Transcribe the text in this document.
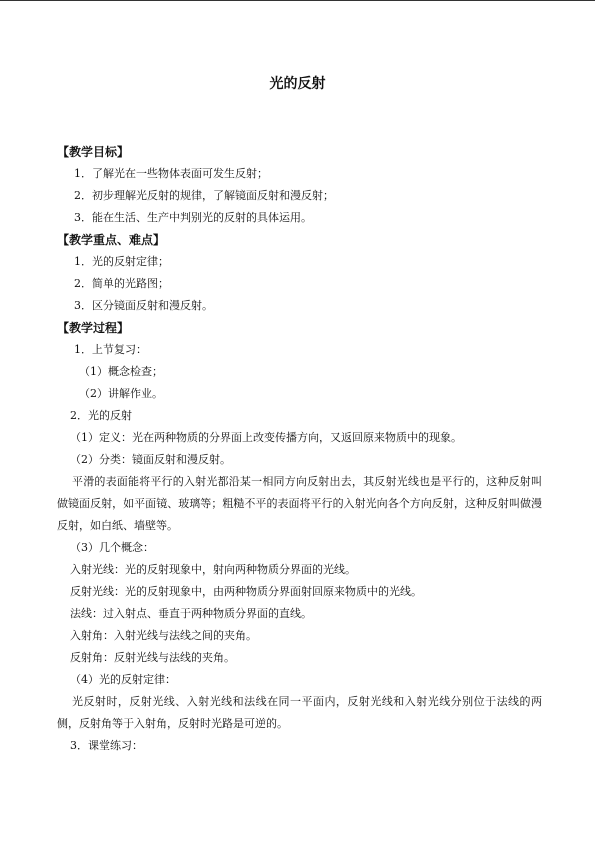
光的反射
【教学目标】
1．了解光在一些物体表面可发生反射；
2．初步理解光反射的规律，了解镜面反射和漫反射；
3．能在生活、生产中判别光的反射的具体运用。
【教学重点、难点】
1．光的反射定律；
2．简单的光路图；
3．区分镜面反射和漫反射。
【教学过程】
1．上节复习：
（1）概念检查；
（2）讲解作业。
2．光的反射
（1）定义：光在两种物质的分界面上改变传播方向，又返回原来物质中的现象。
（2）分类：镜面反射和漫反射。
平滑的表面能将平行的入射光都沿某一相同方向反射出去，其反射光线也是平行的，这种反射叫做镜面反射，如平面镜、玻璃等；粗糙不平的表面将平行的入射光向各个方向反射，这种反射叫做漫反射，如白纸、墙壁等。
（3）几个概念：
入射光线：光的反射现象中，射向两种物质分界面的光线。
反射光线：光的反射现象中，由两种物质分界面射回原来物质中的光线。
法线：过入射点、垂直于两种物质分界面的直线。
入射角：入射光线与法线之间的夹角。
反射角：反射光线与法线的夹角。
（4）光的反射定律：
光反射时，反射光线、入射光线和法线在同一平面内，反射光线和入射光线分别位于法线的两侧，反射角等于入射角，反射时光路是可逆的。
3．课堂练习：
